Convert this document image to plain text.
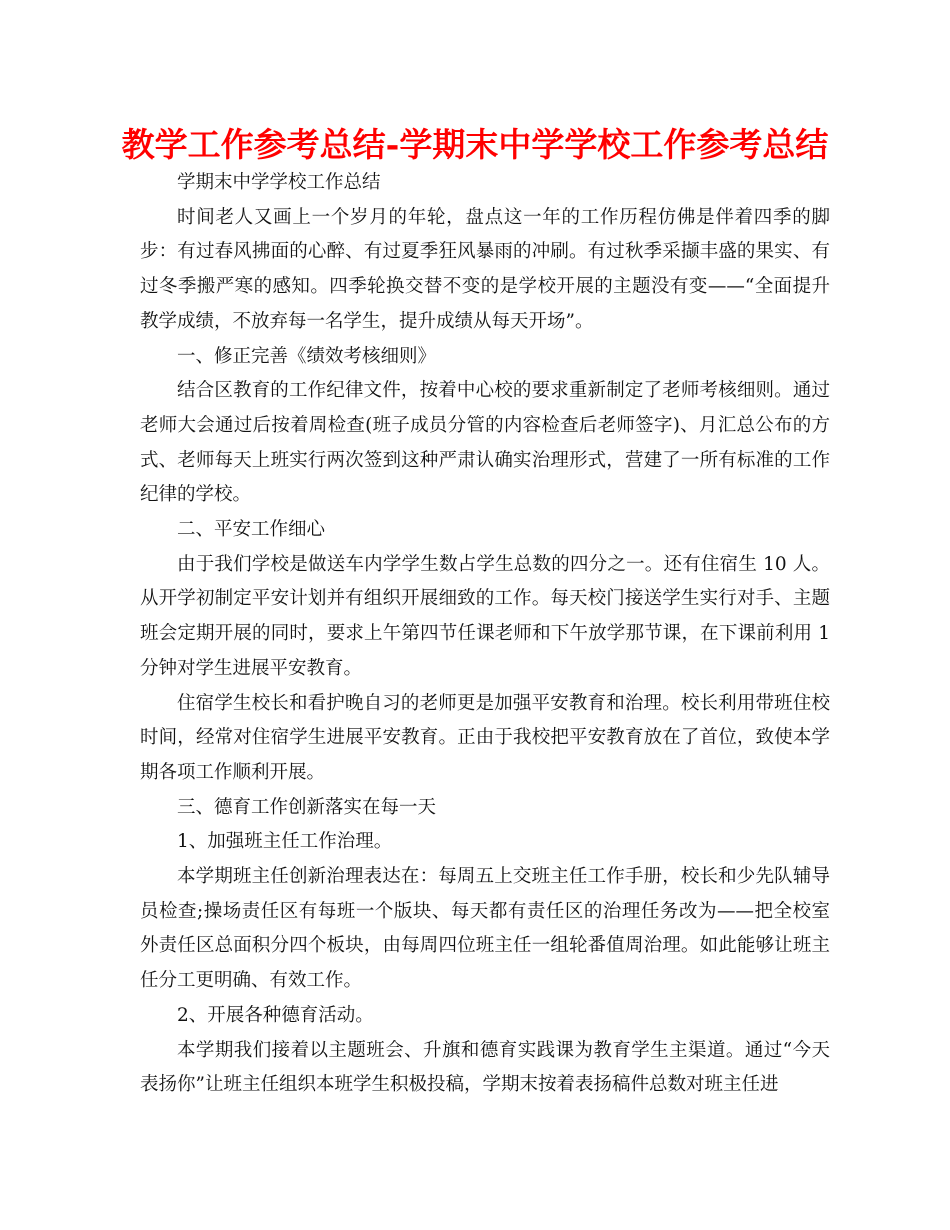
教学工作参考总结-学期末中学学校工作参考总结

学期末中学学校工作总结

时间老人又画上一个岁月的年轮，盘点这一年的工作历程仿佛是伴着四季的脚步：有过春风拂面的心醉、有过夏季狂风暴雨的冲刷。有过秋季采撷丰盛的果实、有过冬季搬严寒的感知。四季轮换交替不变的是学校开展的主题没有变——“全面提升教学成绩，不放弃每一名学生，提升成绩从每天开场”。

一、修正完善《绩效考核细则》

结合区教育的工作纪律文件，按着中心校的要求重新制定了老师考核细则。通过老师大会通过后按着周检查(班子成员分管的内容检查后老师签字)、月汇总公布的方式、老师每天上班实行两次签到这种严肃认确实治理形式，营建了一所有标准的工作纪律的学校。

二、平安工作细心

由于我们学校是做送车内学学生数占学生总数的四分之一。还有住宿生 10 人。从开学初制定平安计划并有组织开展细致的工作。每天校门接送学生实行对手、主题班会定期开展的同时，要求上午第四节任课老师和下午放学那节课，在下课前利用 1 分钟对学生进展平安教育。

住宿学生校长和看护晚自习的老师更是加强平安教育和治理。校长利用带班住校时间，经常对住宿学生进展平安教育。正由于我校把平安教育放在了首位，致使本学期各项工作顺利开展。

三、德育工作创新落实在每一天

1、加强班主任工作治理。

本学期班主任创新治理表达在：每周五上交班主任工作手册，校长和少先队辅导员检查;操场责任区有每班一个版块、每天都有责任区的治理任务改为——把全校室外责任区总面积分四个板块，由每周四位班主任一组轮番值周治理。如此能够让班主任分工更明确、有效工作。

2、开展各种德育活动。

本学期我们接着以主题班会、升旗和德育实践课为教育学生主渠道。通过“今天表扬你”让班主任组织本班学生积极投稿，学期末按着表扬稿件总数对班主任进
